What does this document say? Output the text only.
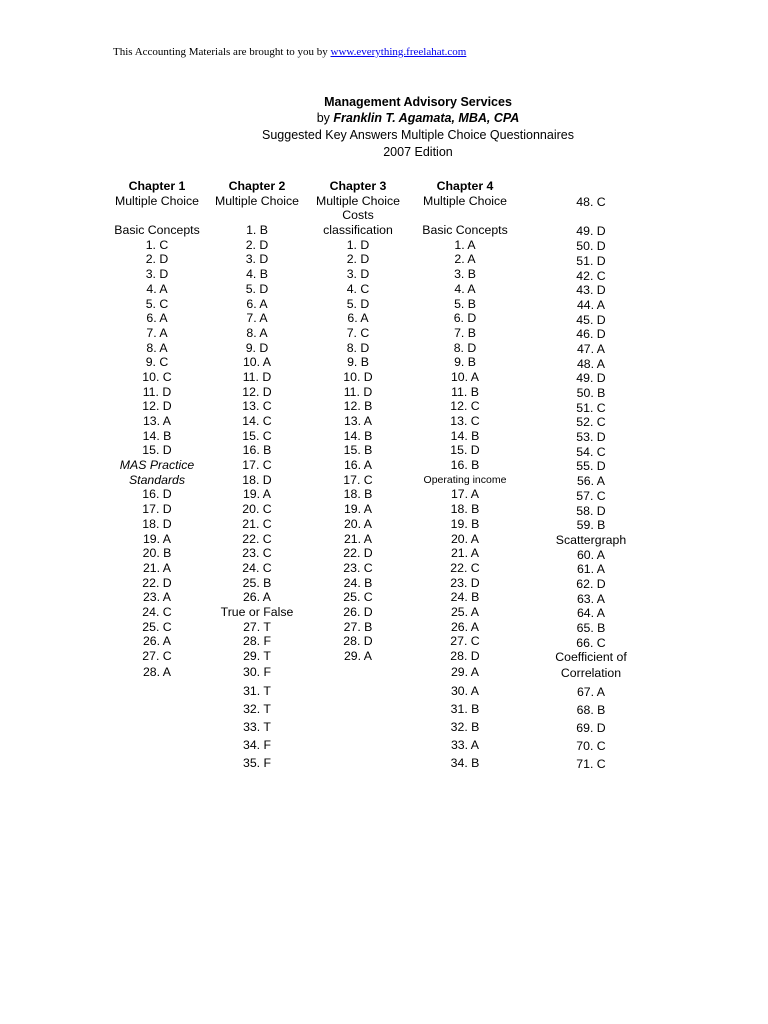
This Accounting Materials are brought to you by www.everything.freelahat.com
Management Advisory Services
by Franklin T. Agamata, MBA, CPA
Suggested Key Answers Multiple Choice Questionnaires
2007 Edition
Chapter 1
Multiple Choice
Basic Concepts
1. C
2. D
3. D
4. A
5. C
6. A
7. A
8. A
9. C
10. C
11. D
12. D
13. A
14. B
15. D
MAS Practice
Standards
16. D
17. D
18. D
19. A
20. B
21. A
22. D
23. A
24. C
25. C
26. A
27. C
28. A
Chapter 2
Multiple Choice
1. B
2. D
3. D
4. B
5. D
6. A
7. A
8. A
9. D
10. A
11. D
12. D
13. C
14. C
15. C
16. B
17. C
18. D
19. A
20. C
21. C
22. C
23. C
24. C
25. B
26. A
True or False
27. T
28. F
29. T
30. F
31. T
32. T
33. T
34. F
35. F
Chapter 3
Multiple Choice
Costs
classification
1. D
2. D
3. D
4. C
5. D
6. A
7. C
8. D
9. B
10. D
11. D
12. B
13. A
14. B
15. B
16. A
17. C
18. B
19. A
20. A
21. A
22. D
23. C
24. B
25. C
26. D
27. B
28. D
29. A
Chapter 4
Multiple Choice
Basic Concepts
1. A
2. A
3. B
4. A
5. B
6. D
7. B
8. D
9. B
10. A
11. B
12. C
13. C
14. B
15. D
16. B
Operating income
17. A
18. B
19. B
20. A
21. A
22. C
23. D
24. B
25. A
26. A
27. C
28. D
29. A
30. A
31. B
32. B
33. A
34. B
48. C
49. D
50. D
51. D
42. C
43. D
44. A
45. D
46. D
47. A
48. A
49. D
50. B
51. C
52. C
53. D
54. C
55. D
56. A
57. C
58. D
59. B
Scattergraph
60. A
61. A
62. D
63. A
64. A
65. B
66. C
Coefficient of
Correlation
67. A
68. B
69. D
70. C
71. C
